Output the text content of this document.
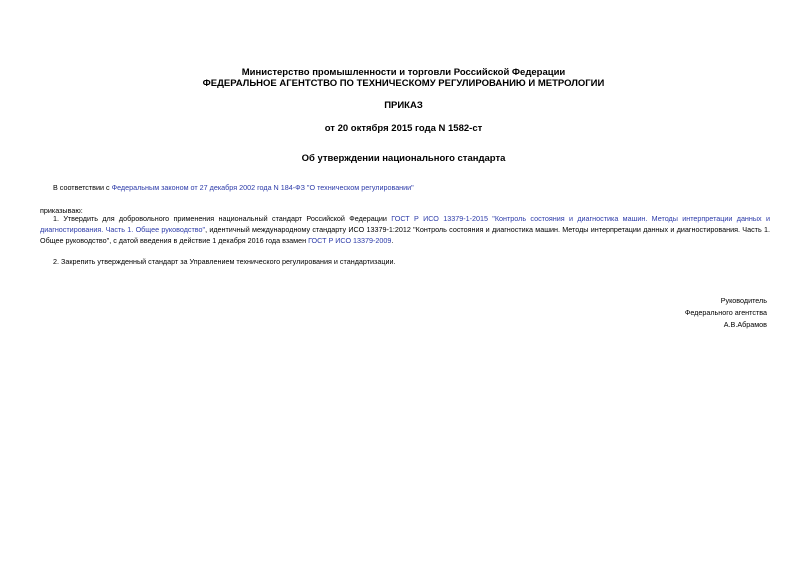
Министерство промышленности и торговли Российской Федерации
ФЕДЕРАЛЬНОЕ АГЕНТСТВО ПО ТЕХНИЧЕСКОМУ РЕГУЛИРОВАНИЮ И МЕТРОЛОГИИ
ПРИКАЗ
от 20 октября 2015 года N 1582-ст
Об утверждении национального стандарта
В соответствии с Федеральным законом от 27 декабря 2002 года N 184-ФЗ "О техническом регулировании"
приказываю:
1. Утвердить для добровольного применения национальный стандарт Российской Федерации ГОСТ Р ИСО 13379-1-2015 "Контроль состояния и диагностика машин. Методы интерпретации данных и диагностирования. Часть 1. Общее руководство", идентичный международному стандарту ИСО 13379-1:2012 "Контроль состояния и диагностика машин. Методы интерпретации данных и диагностирования. Часть 1. Общее руководство", с датой введения в действие 1 декабря 2016 года взамен ГОСТ Р ИСО 13379-2009.
2. Закрепить утвержденный стандарт за Управлением технического регулирования и стандартизации.
Руководитель
Федерального агентства
А.В.Абрамов
